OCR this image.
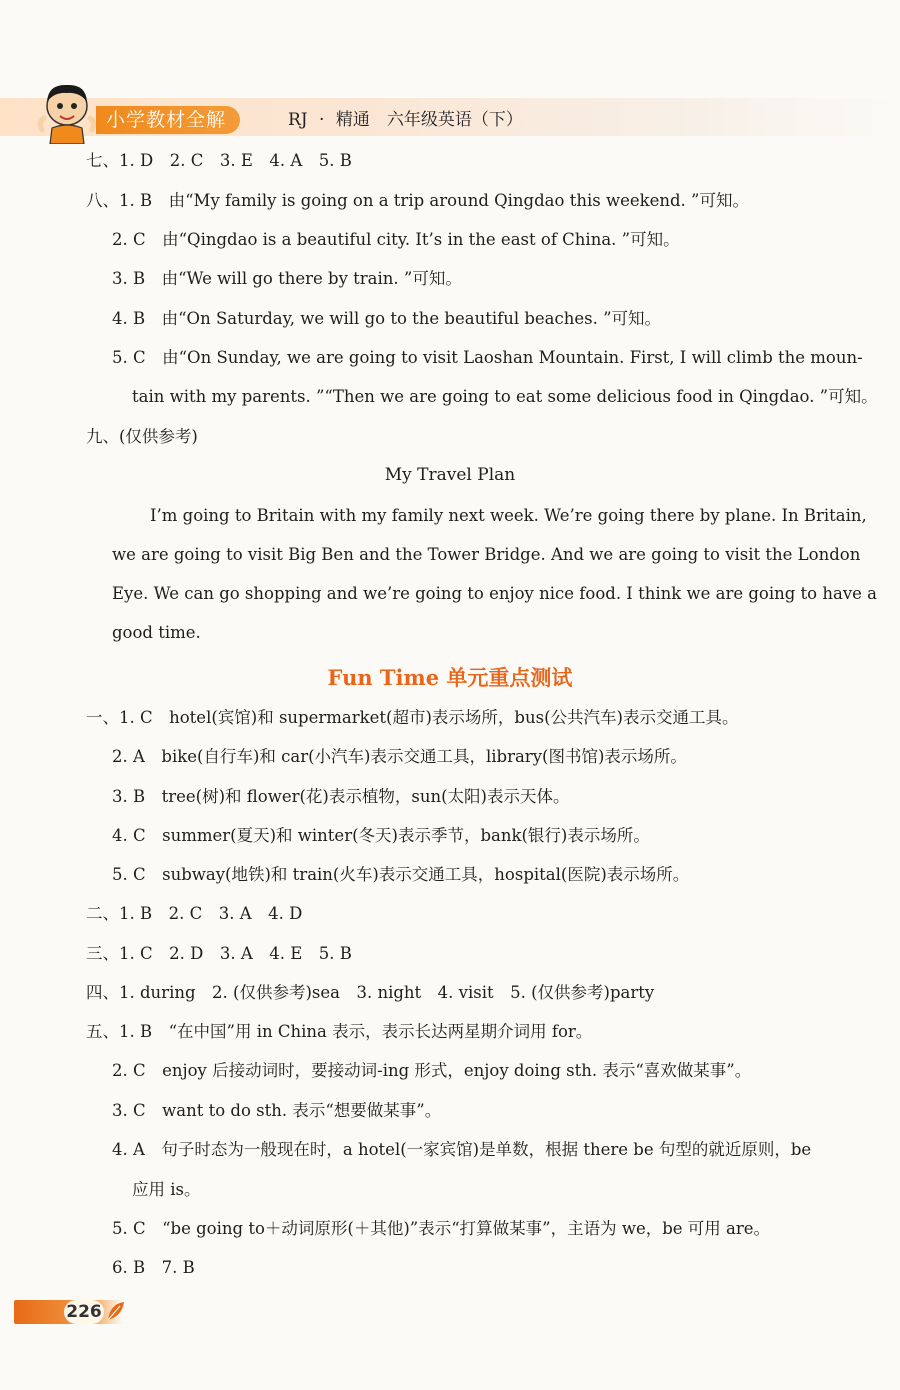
小学教材全解	RJ · 精通　六年级英语（下）
七、1. D　2. C　3. E　4. A　5. B
八、1. B　由“My family is going on a trip around Qingdao this weekend. ”可知。
2. C　由“Qingdao is a beautiful city. It’s in the east of China. ”可知。
3. B　由“We will go there by train. ”可知。
4. B　由“On Saturday, we will go to the beautiful beaches. ”可知。
5. C　由“On Sunday, we are going to visit Laoshan Mountain. First, I will climb the moun-
tain with my parents. ”“Then we are going to eat some delicious food in Qingdao. ”可知。
九、(仅供参考)
My Travel Plan
I’m going to Britain with my family next week. We’re going there by plane. In Britain,
we are going to visit Big Ben and the Tower Bridge. And we are going to visit the London
Eye. We can go shopping and we’re going to enjoy nice food. I think we are going to have a
good time.
Fun Time 单元重点测试
一、1. C　hotel(宾馆)和 supermarket(超市)表示场所，bus(公共汽车)表示交通工具。
2. A　bike(自行车)和 car(小汽车)表示交通工具，library(图书馆)表示场所。
3. B　tree(树)和 flower(花)表示植物，sun(太阳)表示天体。
4. C　summer(夏天)和 winter(冬天)表示季节，bank(银行)表示场所。
5. C　subway(地铁)和 train(火车)表示交通工具，hospital(医院)表示场所。
二、1. B　2. C　3. A　4. D
三、1. C　2. D　3. A　4. E　5. B
四、1. during　2. (仅供参考)sea　3. night　4. visit　5. (仅供参考)party
五、1. B　“在中国”用 in China 表示，表示长达两星期介词用 for。
2. C　enjoy 后接动词时，要接动词-ing 形式，enjoy doing sth. 表示“喜欢做某事”。
3. C　want to do sth. 表示“想要做某事”。
4. A　句子时态为一般现在时，a hotel(一家宾馆)是单数，根据 there be 句型的就近原则，be
应用 is。
5. C　“be going to＋动词原形(＋其他)”表示“打算做某事”，主语为 we，be 可用 are。
6. B　7. B
226
